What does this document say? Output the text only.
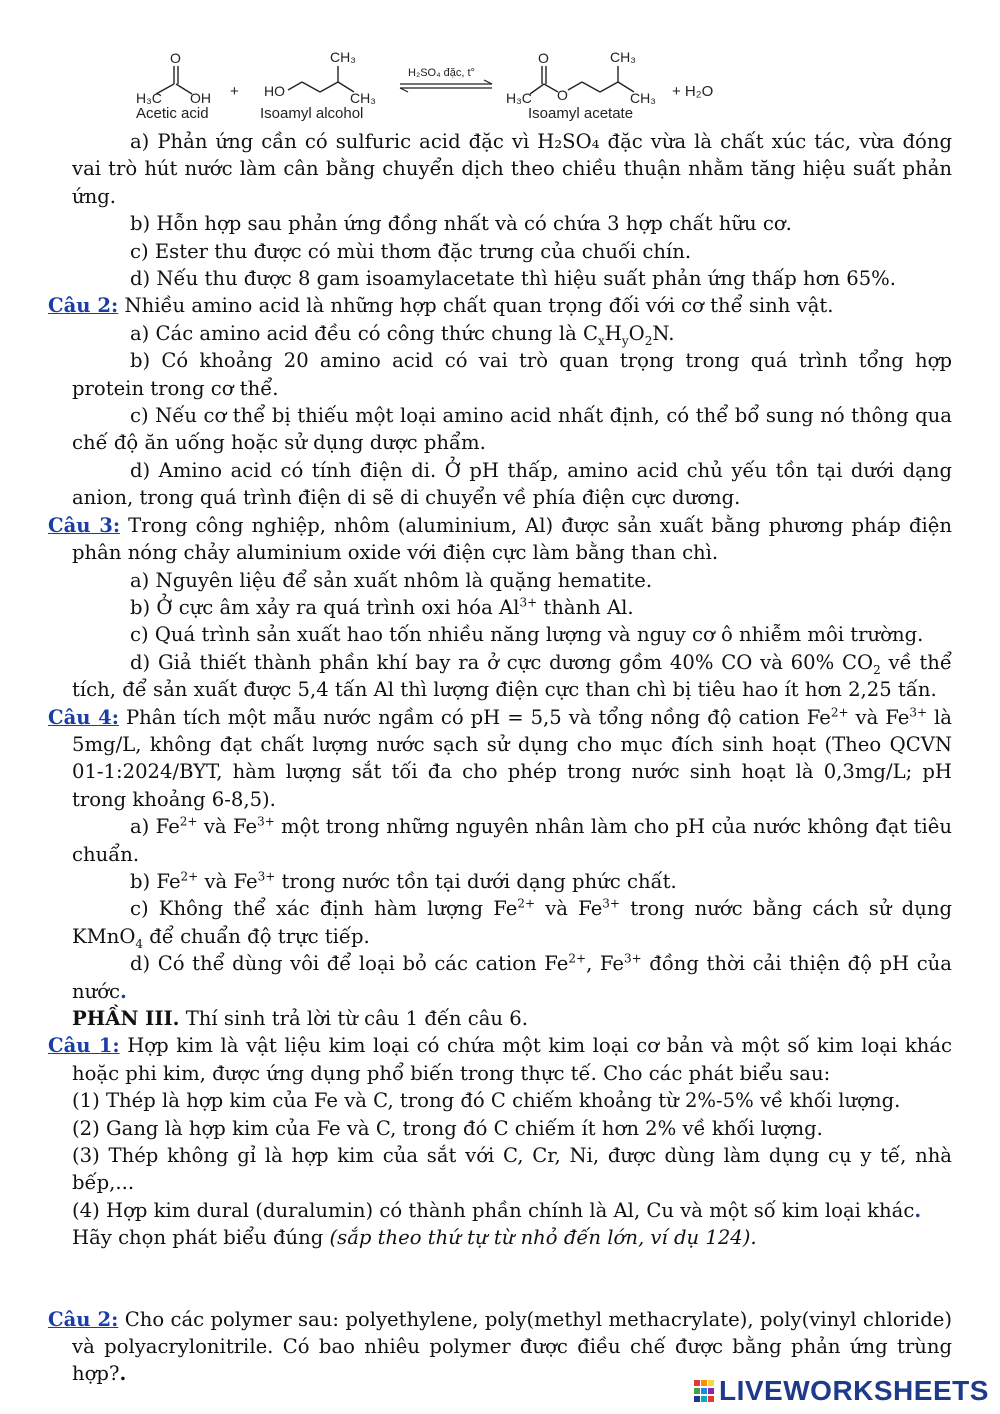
O
H₃C OH
Acetic acid
+ HO
CH₃
CH₃
Isoamyl alcohol
H₂SO₄ đặc, t°
O
H₃C O
CH₃
CH₃
Isoamyl acetate
+ H₂O

a) Phản ứng cần có sulfuric acid đặc vì H₂SO₄ đặc vừa là chất xúc tác, vừa đóng vai trò hút nước làm cân bằng chuyển dịch theo chiều thuận nhằm tăng hiệu suất phản ứng.

b) Hỗn hợp sau phản ứng đồng nhất và có chứa 3 hợp chất hữu cơ.

c) Ester thu được có mùi thơm đặc trưng của chuối chín.

d) Nếu thu được 8 gam isoamylacetate thì hiệu suất phản ứng thấp hơn 65%.

Câu 2: Nhiều amino acid là những hợp chất quan trọng đối với cơ thể sinh vật.

a) Các amino acid đều có công thức chung là $C_xH_yO_2N$.

b) Có khoảng 20 amino acid có vai trò quan trọng trong quá trình tổng hợp protein trong cơ thể.

c) Nếu cơ thể bị thiếu một loại amino acid nhất định, có thể bổ sung nó thông qua chế độ ăn uống hoặc sử dụng dược phẩm.

d) Amino acid có tính điện di. Ở pH thấp, amino acid chủ yếu tồn tại dưới dạng anion, trong quá trình điện di sẽ di chuyển về phía điện cực dương.

Câu 3: Trong công nghiệp, nhôm (aluminium, Al) được sản xuất bằng phương pháp điện phân nóng chảy aluminium oxide với điện cực làm bằng than chì.

a) Nguyên liệu để sản xuất nhôm là quặng hematite.

b) Ở cực âm xảy ra quá trình oxi hóa $Al^{3+}$ thành Al.

c) Quá trình sản xuất hao tốn nhiều năng lượng và nguy cơ ô nhiễm môi trường.

d) Giả thiết thành phần khí bay ra ở cực dương gồm 40% CO và 60% $CO_2$ về thể tích, để sản xuất được 5,4 tấn Al thì lượng điện cực than chì bị tiêu hao ít hơn 2,25 tấn.

Câu 4: Phân tích một mẫu nước ngầm có pH = 5,5 và tổng nồng độ cation $Fe^{2+}$ và $Fe^{3+}$ là 5mg/L, không đạt chất lượng nước sạch sử dụng cho mục đích sinh hoạt (Theo QCVN 01-1:2024/BYT, hàm lượng sắt tối đa cho phép trong nước sinh hoạt là 0,3mg/L; pH trong khoảng 6-8,5).

a) $Fe^{2+}$ và $Fe^{3+}$ một trong những nguyên nhân làm cho pH của nước không đạt tiêu chuẩn.

b) $Fe^{2+}$ và $Fe^{3+}$ trong nước tồn tại dưới dạng phức chất.

c) Không thể xác định hàm lượng $Fe^{2+}$ và $Fe^{3+}$ trong nước bằng cách sử dụng KMnO$_4$ để chuẩn độ trực tiếp.

d) Có thể dùng vôi để loại bỏ các cation $Fe^{2+}$, $Fe^{3+}$ đồng thời cải thiện độ pH của nước.

PHẦN III. Thí sinh trả lời từ câu 1 đến câu 6.

Câu 1: Hợp kim là vật liệu kim loại có chứa một kim loại cơ bản và một số kim loại khác hoặc phi kim, được ứng dụng phổ biến trong thực tế. Cho các phát biểu sau:

(1) Thép là hợp kim của Fe và C, trong đó C chiếm khoảng từ 2%-5% về khối lượng.

(2) Gang là hợp kim của Fe và C, trong đó C chiếm ít hơn 2% về khối lượng.

(3) Thép không gỉ là hợp kim của sắt với C, Cr, Ni, được dùng làm dụng cụ y tế, nhà bếp,...

(4) Hợp kim dural (duralumin) có thành phần chính là Al, Cu và một số kim loại khác.

Hãy chọn phát biểu đúng (sắp theo thứ tự từ nhỏ đến lớn, ví dụ 124).

Câu 2: Cho các polymer sau: polyethylene, poly(methyl methacrylate), poly(vinyl chloride) và polyacrylonitrile. Có bao nhiêu polymer được điều chế được bằng phản ứng trùng hợp?.

LIVEWORKSHEETS
